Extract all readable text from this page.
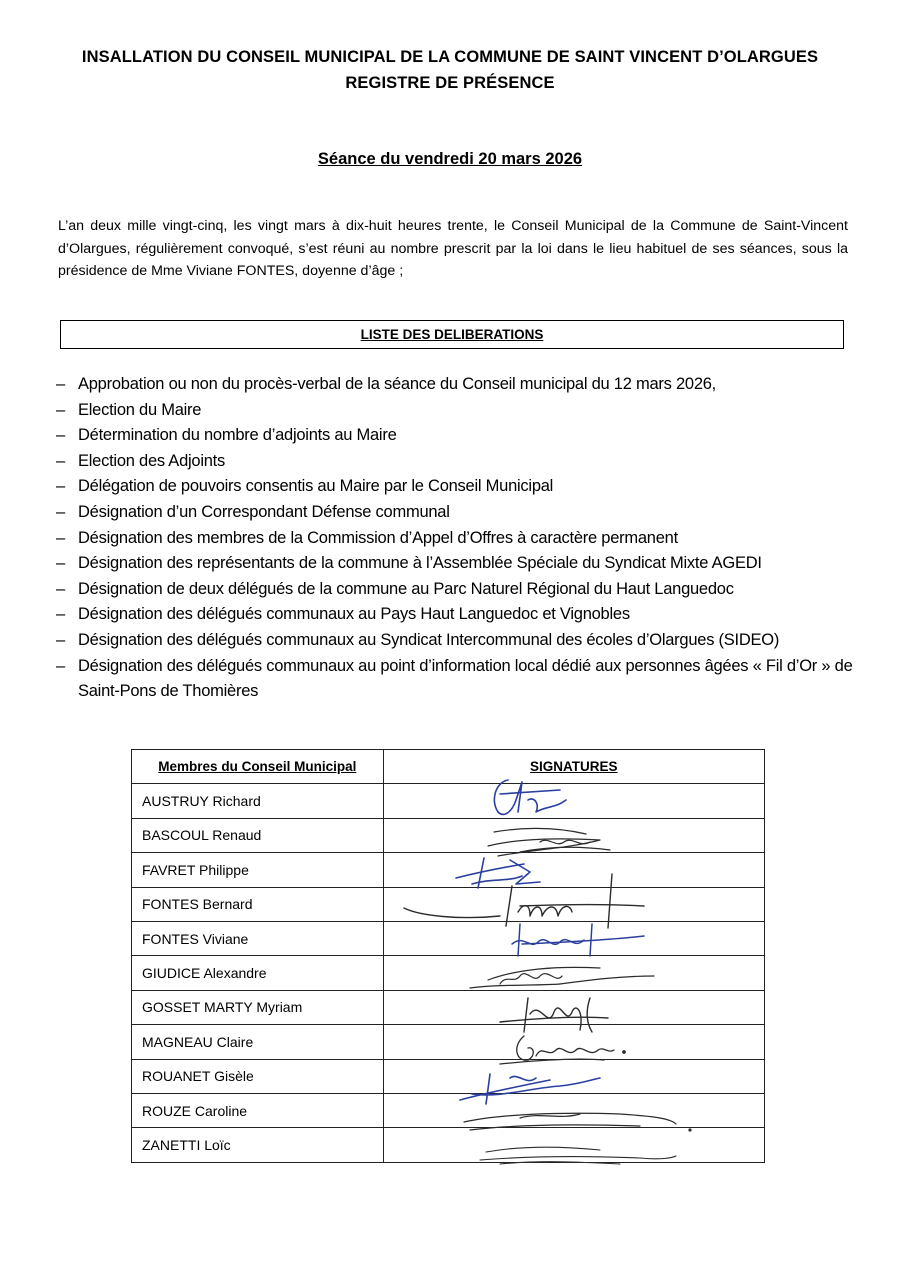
INSALLATION DU CONSEIL MUNICIPAL DE LA COMMUNE DE SAINT VINCENT D’OLARGUES
REGISTRE DE PRÉSENCE
Séance du vendredi 20 mars 2026
L’an deux mille vingt-cinq, les vingt mars à dix-huit heures trente, le Conseil Municipal de la Commune de Saint-Vincent d’Olargues, régulièrement convoqué, s’est réuni au nombre prescrit par la loi dans le lieu habituel de ses séances, sous la présidence de Mme Viviane FONTES, doyenne d’âge ;
LISTE DES DELIBERATIONS
– Approbation ou non du procès-verbal de la séance du Conseil municipal du 12 mars 2026,
– Election du Maire
– Détermination du nombre d’adjoints au Maire
– Election des Adjoints
– Délégation de pouvoirs consentis au Maire par le Conseil Municipal
– Désignation d’un Correspondant Défense communal
– Désignation des membres de la Commission d’Appel d’Offres à caractère permanent
– Désignation des représentants de la commune à l’Assemblée Spéciale du Syndicat Mixte AGEDI
– Désignation de deux délégués de la commune au Parc Naturel Régional du Haut Languedoc
– Désignation des délégués communaux au Pays Haut Languedoc et Vignobles
– Désignation des délégués communaux au Syndicat Intercommunal des écoles d’Olargues (SIDEO)
– Désignation des délégués communaux au point d’information local dédié aux personnes âgées « Fil d’Or » de Saint-Pons de Thomières
Membres du Conseil Municipal	SIGNATURES
AUSTRUY Richard	
BASCOUL Renaud	
FAVRET Philippe	
FONTES Bernard	
FONTES Viviane	
GIUDICE Alexandre	
GOSSET MARTY Myriam	
MAGNEAU Claire	
ROUANET Gisèle	
ROUZE Caroline	
ZANETTI Loïc	
